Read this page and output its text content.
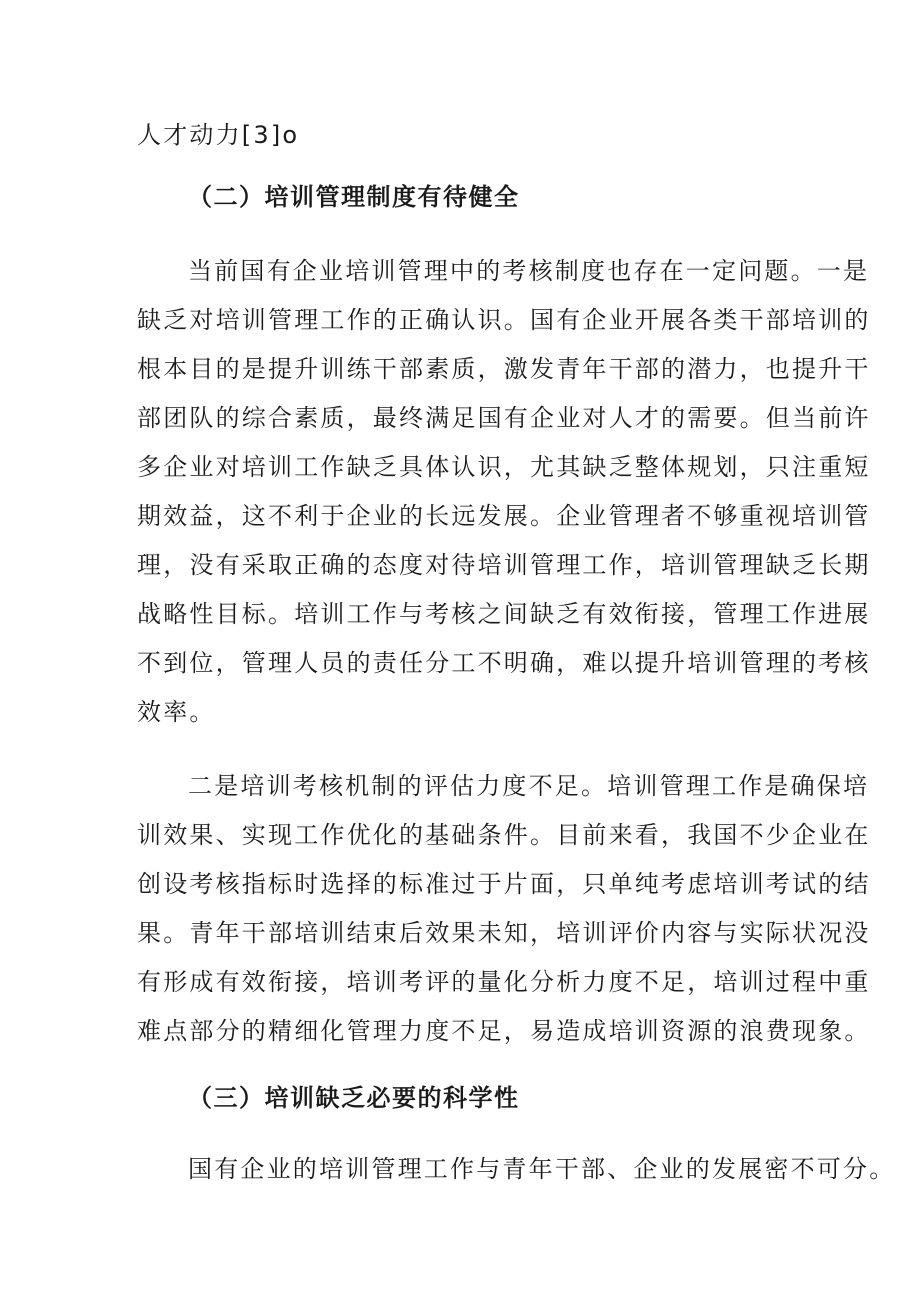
人才动力[3]o
（二）培训管理制度有待健全
当前国有企业培训管理中的考核制度也存在一定问题。一是
缺乏对培训管理工作的正确认识。国有企业开展各类干部培训的
根本目的是提升训练干部素质，激发青年干部的潜力，也提升干
部团队的综合素质，最终满足国有企业对人才的需要。但当前许
多企业对培训工作缺乏具体认识，尤其缺乏整体规划，只注重短
期效益，这不利于企业的长远发展。企业管理者不够重视培训管
理，没有采取正确的态度对待培训管理工作，培训管理缺乏长期
战略性目标。培训工作与考核之间缺乏有效衔接，管理工作进展
不到位，管理人员的责任分工不明确，难以提升培训管理的考核
效率。
二是培训考核机制的评估力度不足。培训管理工作是确保培
训效果、实现工作优化的基础条件。目前来看，我国不少企业在
创设考核指标时选择的标准过于片面，只单纯考虑培训考试的结
果。青年干部培训结束后效果未知，培训评价内容与实际状况没
有形成有效衔接，培训考评的量化分析力度不足，培训过程中重
难点部分的精细化管理力度不足，易造成培训资源的浪费现象。
（三）培训缺乏必要的科学性
国有企业的培训管理工作与青年干部、企业的发展密不可分。
